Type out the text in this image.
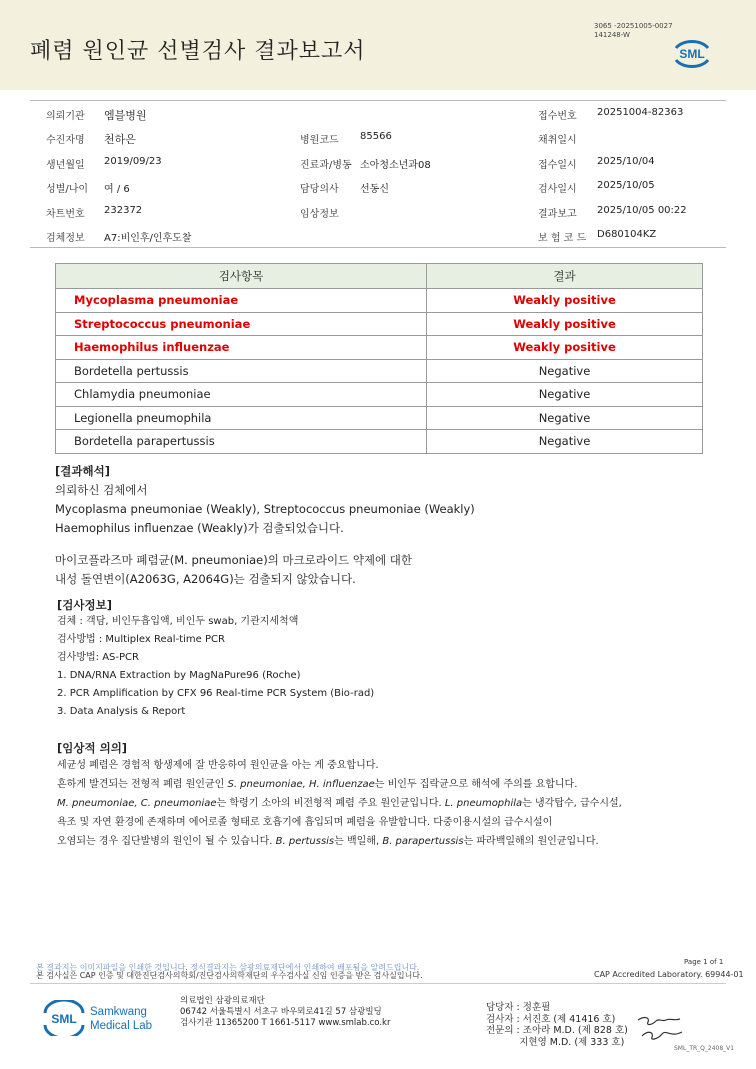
폐렴 원인균 선별검사 결과보고서
3065 -20251005-0027
141248-W
SML
의뢰기관 엠블병원	접수번호 20251004-82363
수진자명 천하은	병원코드 85566	채취일시
생년월일 2019/09/23	진료과/병동 소아청소년과08	접수일시 2025/10/04
성별/나이 여 / 6	담당의사 선동신	검사일시 2025/10/05
차트번호 232372	임상정보	결과보고 2025/10/05 00:22
검체정보 A7:비인후/인후도찰	보 험 코 드 D680104KZ
검사항목	결과
Mycoplasma pneumoniae	Weakly positive
Streptococcus pneumoniae	Weakly positive
Haemophilus influenzae	Weakly positive
Bordetella pertussis	Negative
Chlamydia pneumoniae	Negative
Legionella pneumophila	Negative
Bordetella parapertussis	Negative
[결과해석]
의뢰하신 검체에서
Mycoplasma pneumoniae (Weakly), Streptococcus pneumoniae (Weakly)
Haemophilus influenzae (Weakly)가 검출되었습니다.
마이코플라즈마 폐렴균(M. pneumoniae)의 마크로라이드 약제에 대한
내성 돌연변이(A2063G, A2064G)는 검출되지 않았습니다.
[검사정보]
검체 : 객담, 비인두흡입액, 비인두 swab, 기관지세척액
검사방법 : Multiplex Real-time PCR
검사방법: AS-PCR
1. DNA/RNA Extraction by MagNaPure96 (Roche)
2. PCR Amplification by CFX 96 Real-time PCR System (Bio-rad)
3. Data Analysis & Report
[임상적 의의]
세균성 폐렴은 경험적 항생제에 잘 반응하여 원인균을 아는 게 중요합니다.
흔하게 발견되는 전형적 폐렴 원인균인 S. pneumoniae, H. influenzae는 비인두 집락균으로 해석에 주의를 요합니다.
M. pneumoniae, C. pneumoniae는 학령기 소아의 비전형적 폐렴 주요 원인균입니다. L. pneumophila는 냉각탑수, 급수시설,
욕조 및 자연 환경에 존재하며 에어로졸 형태로 호흡기에 흡입되며 폐렴을 유발합니다. 다중이용시설의 급수시설이
오염되는 경우 집단발병의 원인이 될 수 있습니다. B. pertussis는 백일해, B. parapertussis는 파라백일해의 원인균입니다.
Page 1 of 1
본 결과지는 이미지파일을 인쇄한 것입니다. 정식결과지는 삼광의료재단에서 인쇄하여 배포됨을 알려드립니다.
본 검사실은 CAP 인증 및 대한진단검사의학회/진단검사의학재단의 우수검사실 신임 인증을 받은 검사실입니다.	CAP Accredited Laboratory. 69944-01
SML Samkwang
Medical Lab
의료법인 삼광의료재단
06742 서울특별시 서초구 바우뫼로41길 57 삼광빌딩
검사기관 11365200 T 1661-5117 www.smlab.co.kr
담당자 : 정훈필
검사자 : 서진호 (제 41416 호)
전문의 : 조아라 M.D. (제 828 호)
지현영 M.D. (제 333 호)
SML_TR_Q_2408_V1
